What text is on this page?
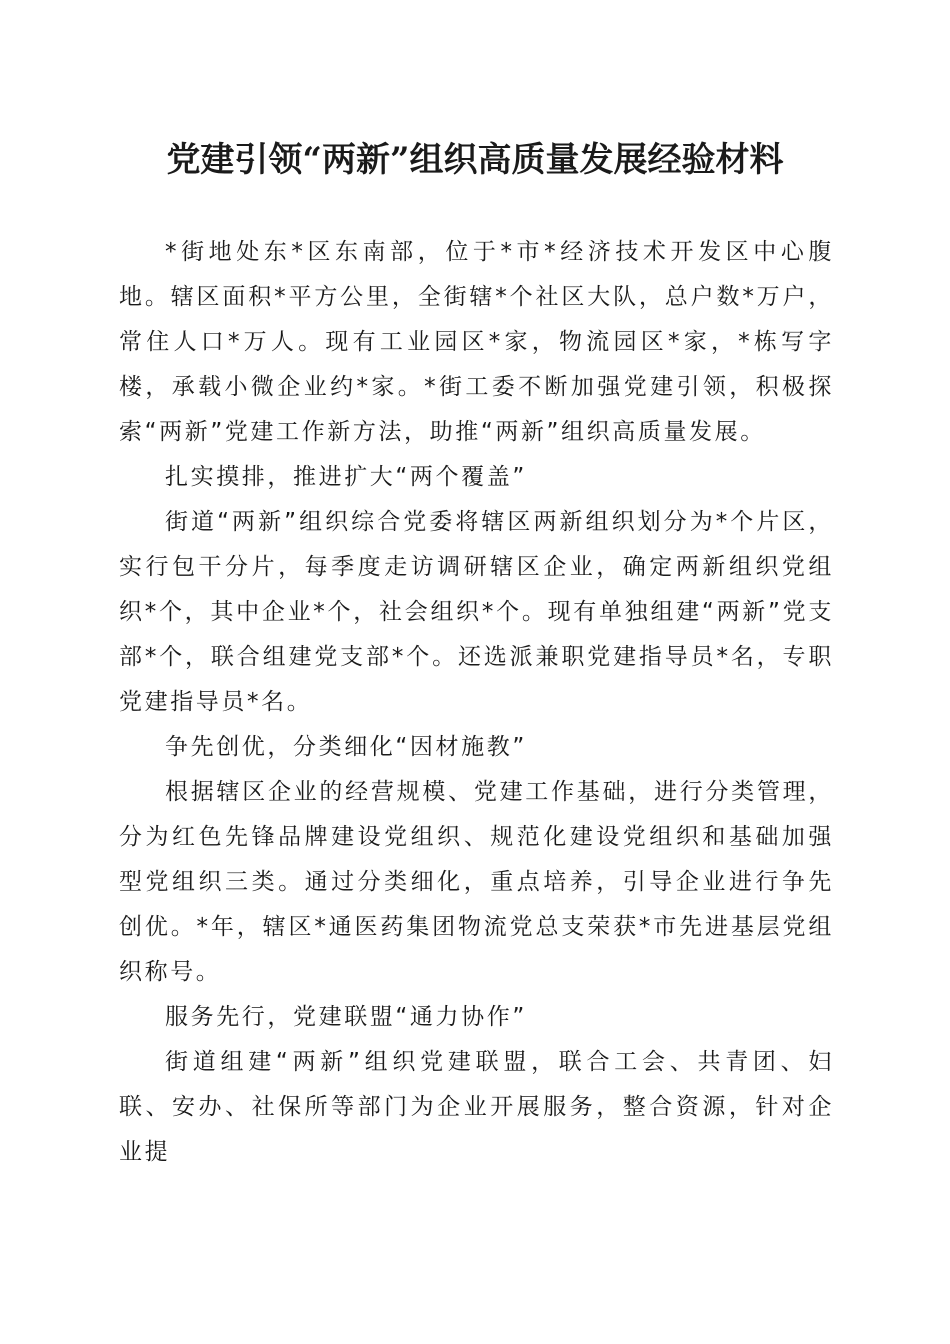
党建引领“两新”组织高质量发展经验材料

*街地处东*区东南部，位于*市*经济技术开发区中心腹地。辖区面积*平方公里，全街辖*个社区大队，总户数*万户，常住人口*万人。现有工业园区*家，物流园区*家，*栋写字楼，承载小微企业约*家。*街工委不断加强党建引领，积极探索“两新”党建工作新方法，助推“两新”组织高质量发展。

扎实摸排，推进扩大“两个覆盖”

街道“两新”组织综合党委将辖区两新组织划分为*个片区，实行包干分片，每季度走访调研辖区企业，确定两新组织党组织*个，其中企业*个，社会组织*个。现有单独组建“两新”党支部*个，联合组建党支部*个。还选派兼职党建指导员*名，专职党建指导员*名。

争先创优，分类细化“因材施教”

根据辖区企业的经营规模、党建工作基础，进行分类管理，分为红色先锋品牌建设党组织、规范化建设党组织和基础加强型党组织三类。通过分类细化，重点培养，引导企业进行争先创优。*年，辖区*通医药集团物流党总支荣获*市先进基层党组织称号。

服务先行，党建联盟“通力协作”

街道组建“两新”组织党建联盟，联合工会、共青团、妇联、安办、社保所等部门为企业开展服务，整合资源，针对企业提
